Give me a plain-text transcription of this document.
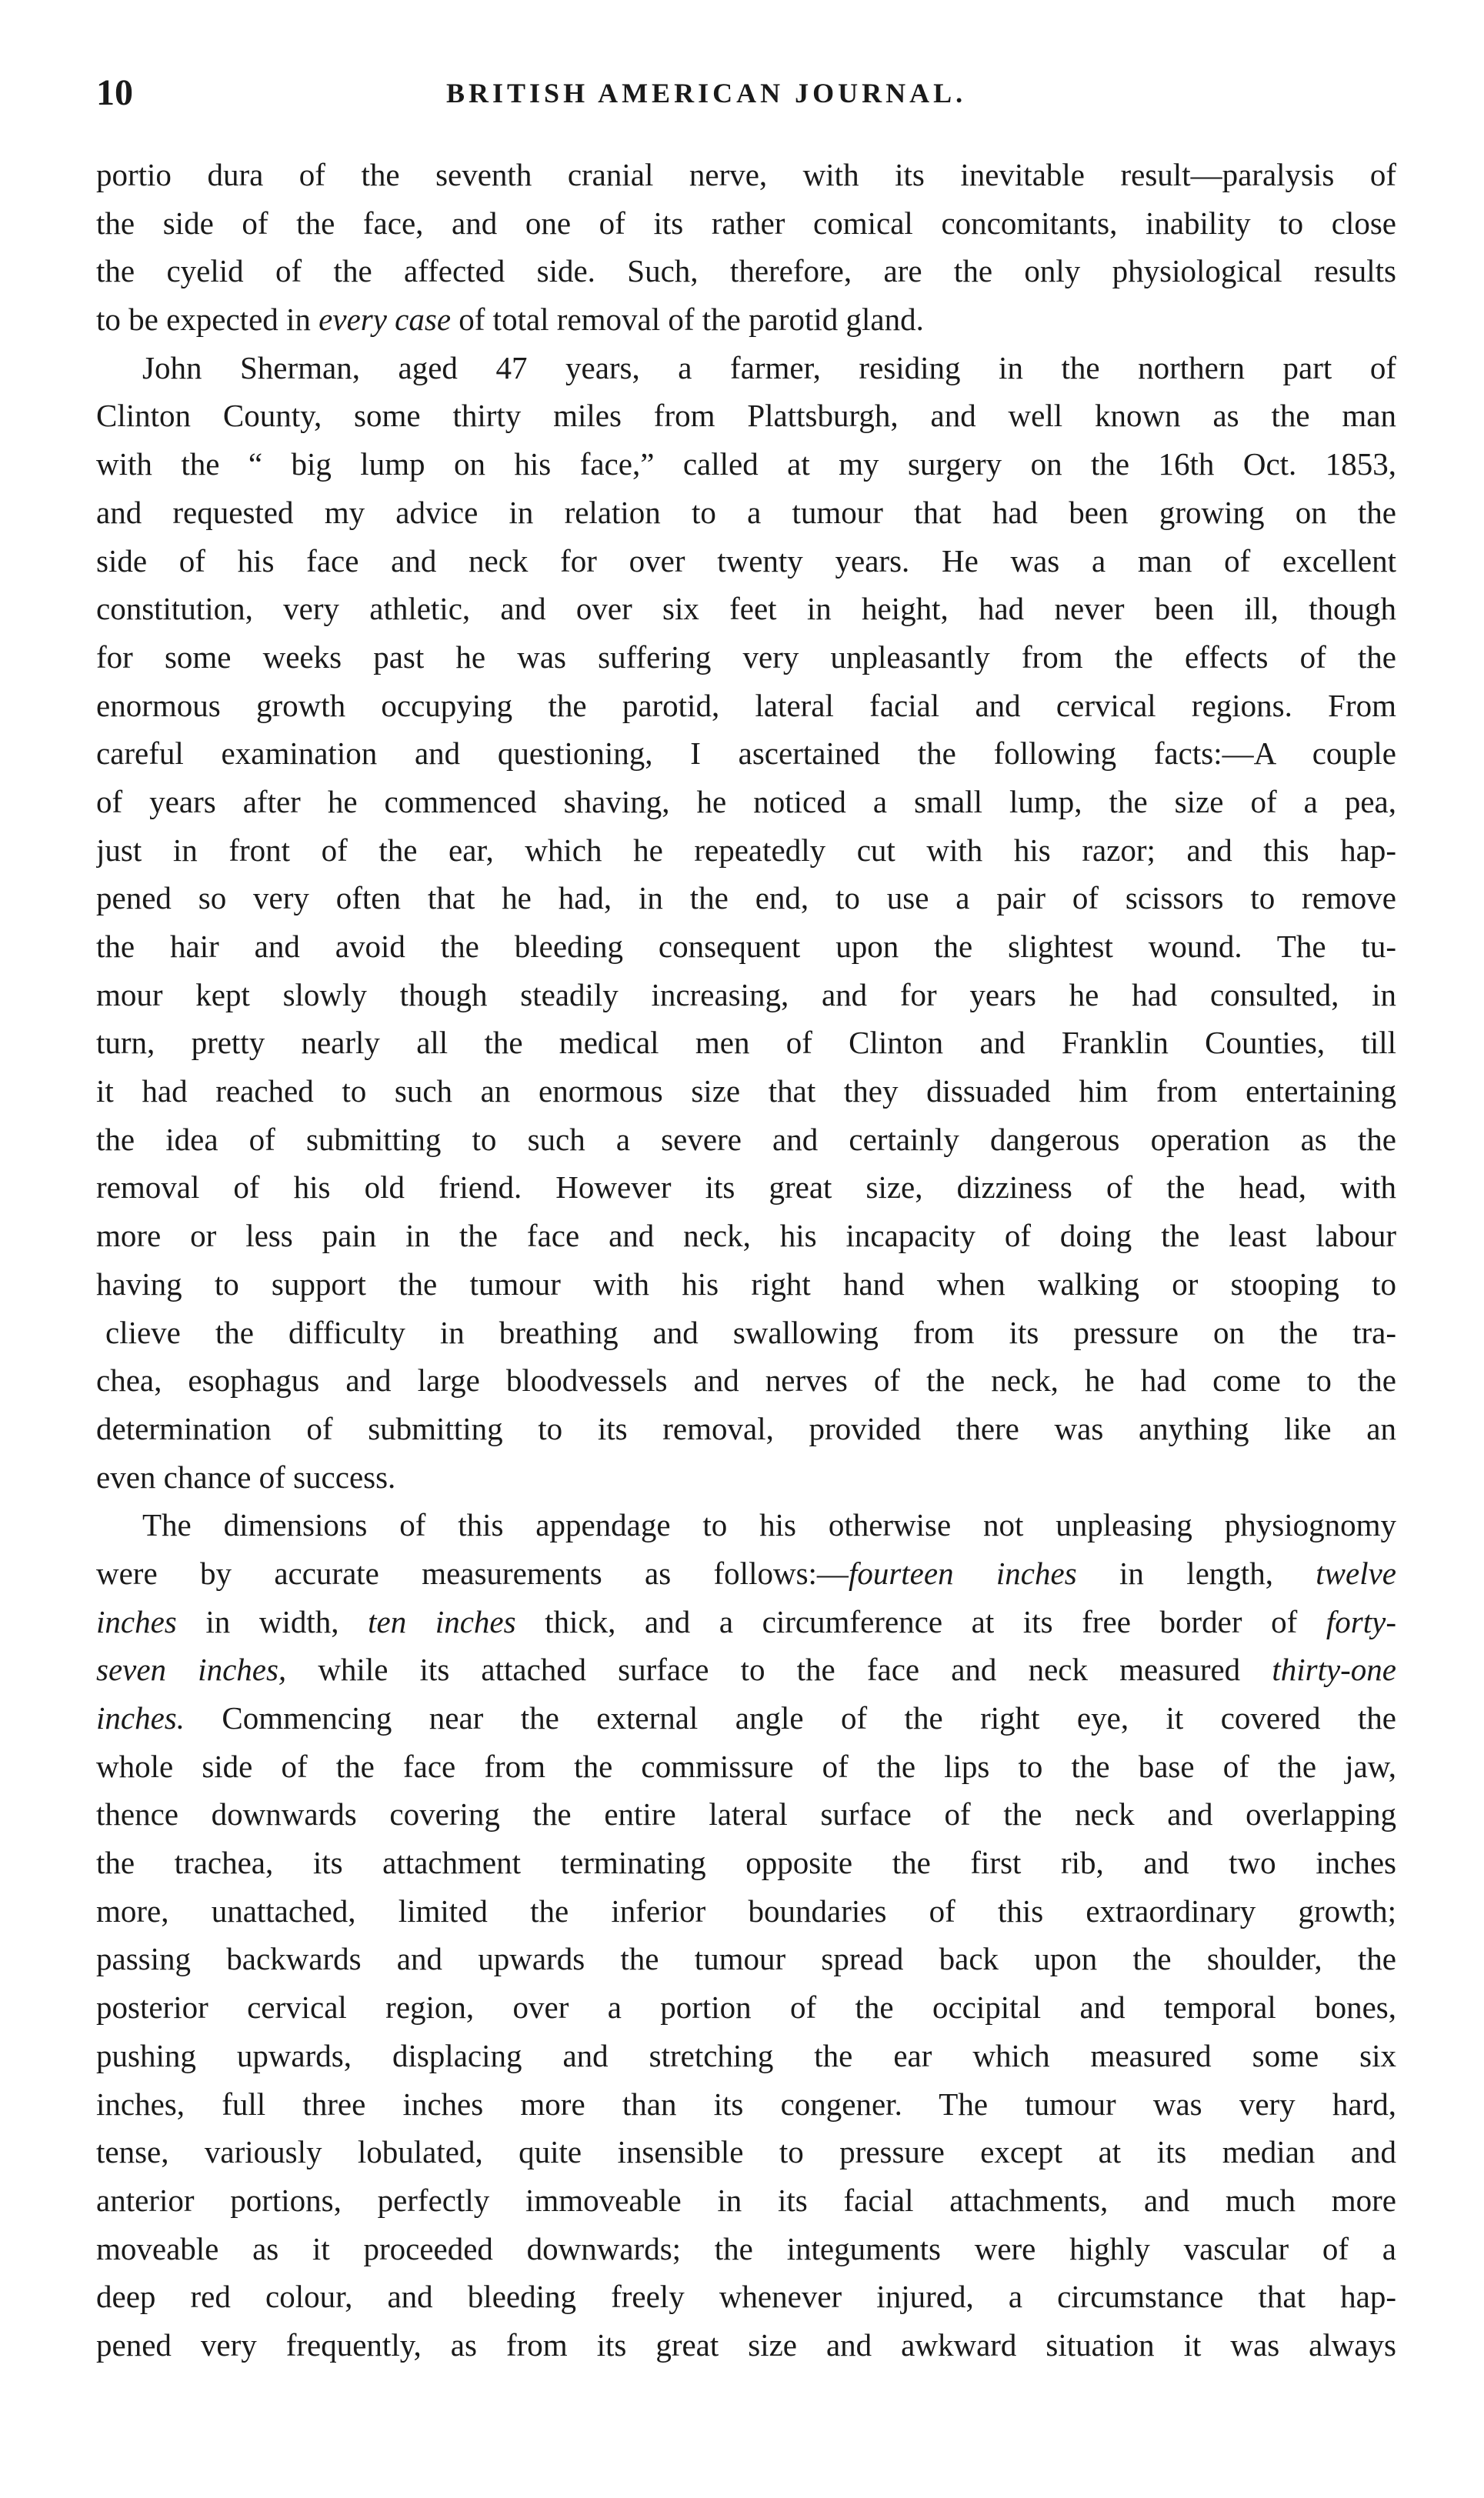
10	BRITISH AMERICAN JOURNAL.
portio dura of the seventh cranial nerve, with its inevitable result—paralysis of
the side of the face, and one of its rather comical concomitants, inability to close
the cyelid of the affected side. Such, therefore, are the only physiological results
to be expected in every case of total removal of the parotid gland.
John Sherman, aged 47 years, a farmer, residing in the northern part of
Clinton County, some thirty miles from Plattsburgh, and well known as the man
with the “ big lump on his face,” called at my surgery on the 16th Oct. 1853,
and requested my advice in relation to a tumour that had been growing on the
side of his face and neck for over twenty years. He was a man of excellent
constitution, very athletic, and over six feet in height, had never been ill, though
for some weeks past he was suffering very unpleasantly from the effects of the
enormous growth occupying the parotid, lateral facial and cervical regions. From
careful examination and questioning, I ascertained the following facts:—A couple
of years after he commenced shaving, he noticed a small lump, the size of a pea,
just in front of the ear, which he repeatedly cut with his razor; and this hap-
pened so very often that he had, in the end, to use a pair of scissors to remove
the hair and avoid the bleeding consequent upon the slightest wound. The tu-
mour kept slowly though steadily increasing, and for years he had consulted, in
turn, pretty nearly all the medical men of Clinton and Franklin Counties, till
it had reached to such an enormous size that they dissuaded him from entertaining
the idea of submitting to such a severe and certainly dangerous operation as the
removal of his old friend. However its great size, dizziness of the head, with
more or less pain in the face and neck, his incapacity of doing the least labour
having to support the tumour with his right hand when walking or stooping to
clieve the difficulty in breathing and swallowing from its pressure on the tra-
chea, esophagus and large bloodvessels and nerves of the neck, he had come to the
determination of submitting to its removal, provided there was anything like an
even chance of success.
The dimensions of this appendage to his otherwise not unpleasing physiognomy
were by accurate measurements as follows:—fourteen inches in length, twelve
inches in width, ten inches thick, and a circumference at its free border of forty-
seven inches, while its attached surface to the face and neck measured thirty-one
inches. Commencing near the external angle of the right eye, it covered the
whole side of the face from the commissure of the lips to the base of the jaw,
thence downwards covering the entire lateral surface of the neck and overlapping
the trachea, its attachment terminating opposite the first rib, and two inches
more, unattached, limited the inferior boundaries of this extraordinary growth;
passing backwards and upwards the tumour spread back upon the shoulder, the
posterior cervical region, over a portion of the occipital and temporal bones,
pushing upwards, displacing and stretching the ear which measured some six
inches, full three inches more than its congener. The tumour was very hard,
tense, variously lobulated, quite insensible to pressure except at its median and
anterior portions, perfectly immoveable in its facial attachments, and much more
moveable as it proceeded downwards; the integuments were highly vascular of a
deep red colour, and bleeding freely whenever injured, a circumstance that hap-
pened very frequently, as from its great size and awkward situation it was always
